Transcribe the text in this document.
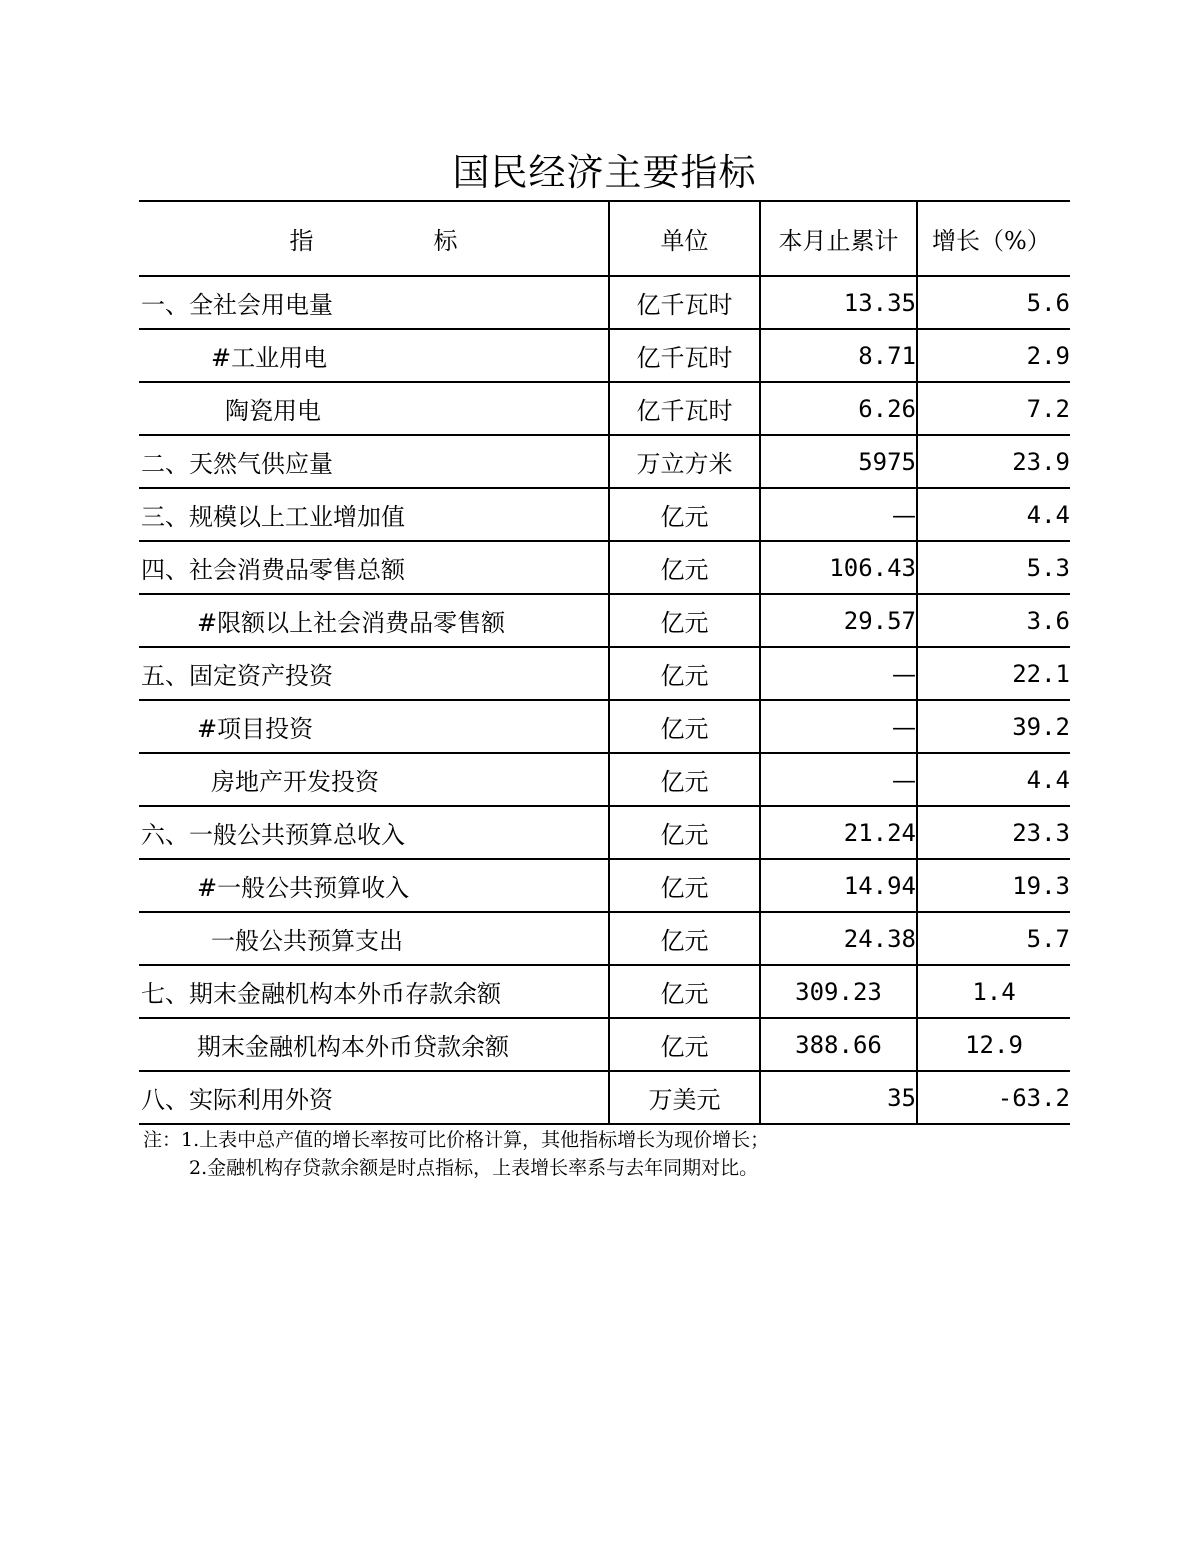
国民经济主要指标
指 标	单位	本月止累计	增长（%）
一、全社会用电量	亿千瓦时	13.35	5.6
#工业用电	亿千瓦时	8.71	2.9
陶瓷用电	亿千瓦时	6.26	7.2
二、天然气供应量	万立方米	5975	23.9
三、规模以上工业增加值	亿元	—	4.4
四、社会消费品零售总额	亿元	106.43	5.3
#限额以上社会消费品零售额	亿元	29.57	3.6
五、固定资产投资	亿元	—	22.1
#项目投资	亿元	—	39.2
房地产开发投资	亿元	—	4.4
六、一般公共预算总收入	亿元	21.24	23.3
#一般公共预算收入	亿元	14.94	19.3
一般公共预算支出	亿元	24.38	5.7
七、期末金融机构本外币存款余额	亿元	309.23	1.4
期末金融机构本外币贷款余额	亿元	388.66	12.9
八、实际利用外资	万美元	35	-63.2
注：1.上表中总产值的增长率按可比价格计算，其他指标增长为现价增长；
2.金融机构存贷款余额是时点指标，上表增长率系与去年同期对比。
